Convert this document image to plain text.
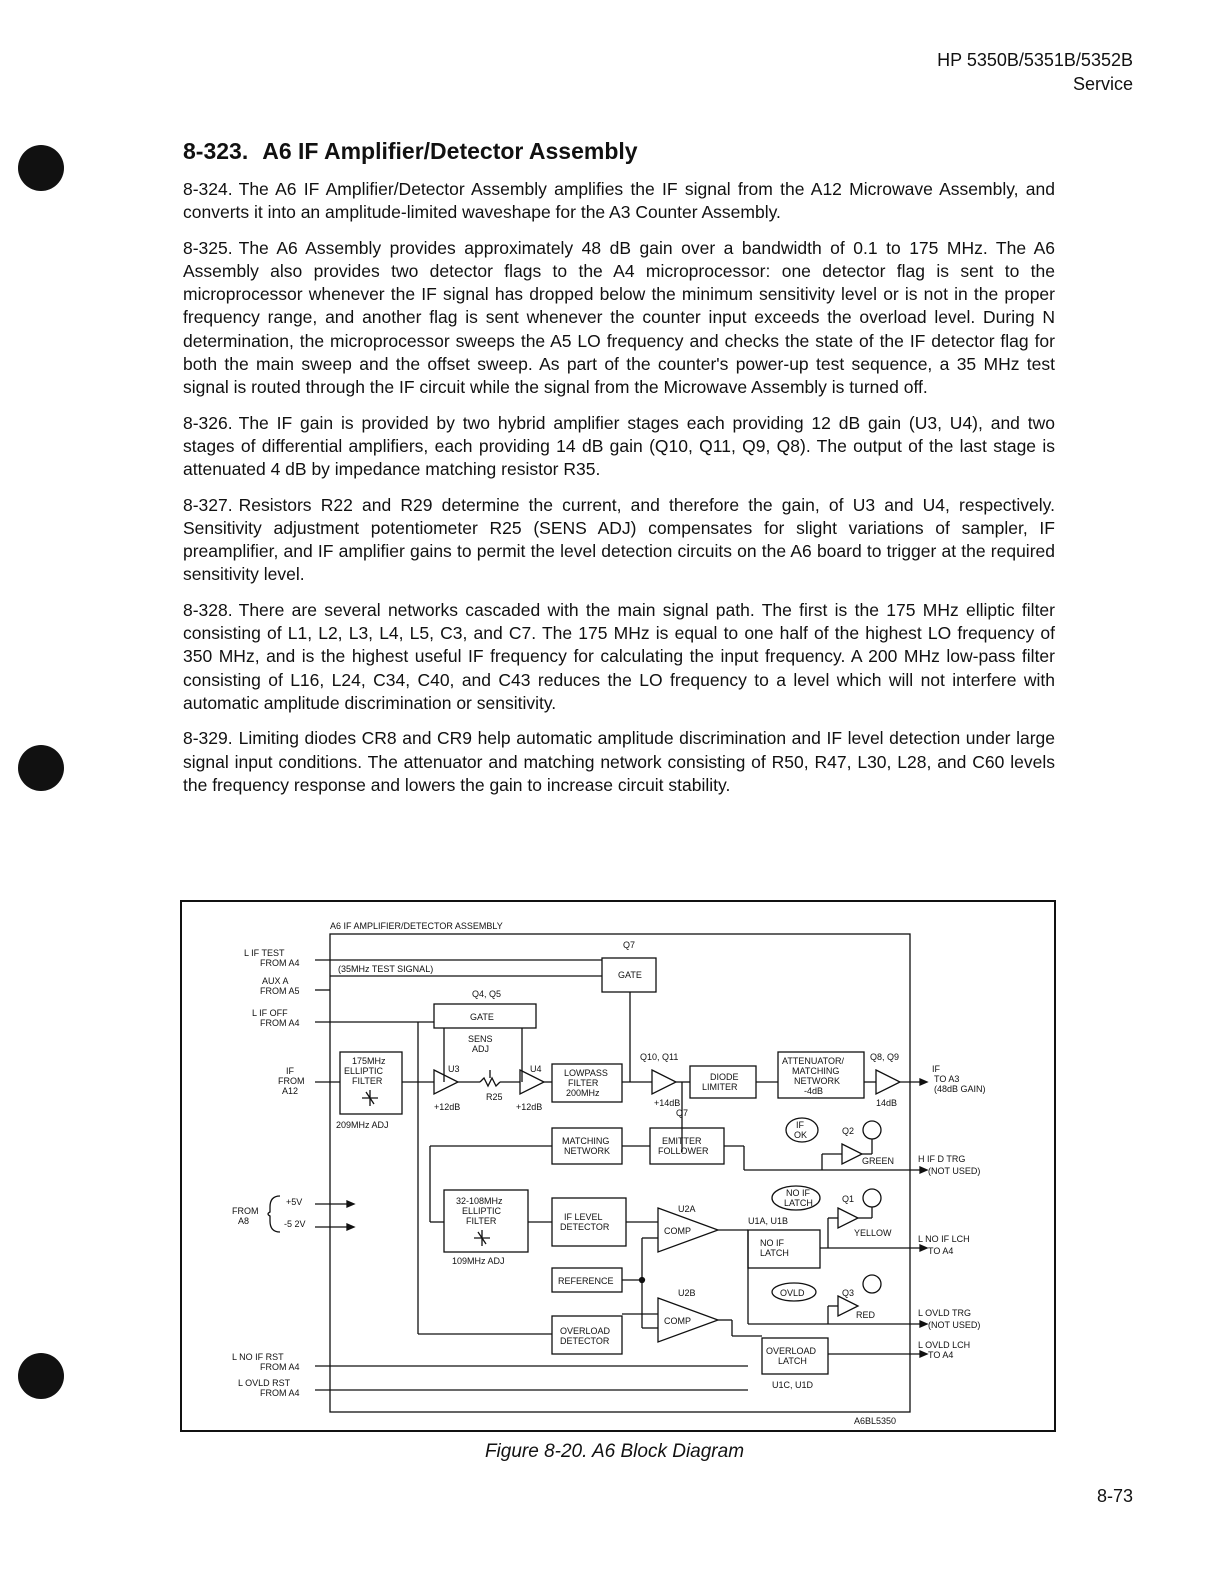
HP 5350B/5351B/5352B
Service
8-323. A6 IF Amplifier/Detector Assembly

8-324. The A6 IF Amplifier/Detector Assembly amplifies the IF signal from the A12 Microwave Assembly, and converts it into an amplitude-limited waveshape for the A3 Counter Assembly.

8-325. The A6 Assembly provides approximately 48 dB gain over a bandwidth of 0.1 to 175 MHz. The A6 Assembly also provides two detector flags to the A4 microprocessor: one detector flag is sent to the microprocessor whenever the IF signal has dropped below the minimum sensitivity level or is not in the proper frequency range, and another flag is sent whenever the counter input exceeds the overload level. During N determination, the microprocessor sweeps the A5 LO frequency and checks the state of the IF detector flag for both the main sweep and the offset sweep. As part of the counter's power-up test sequence, a 35 MHz test signal is routed through the IF circuit while the signal from the Microwave Assembly is turned off.

8-326. The IF gain is provided by two hybrid amplifier stages each providing 12 dB gain (U3, U4), and two stages of differential amplifiers, each providing 14 dB gain (Q10, Q11, Q9, Q8). The output of the last stage is attenuated 4 dB by impedance matching resistor R35.

8-327. Resistors R22 and R29 determine the current, and therefore the gain, of U3 and U4, respectively. Sensitivity adjustment potentiometer R25 (SENS ADJ) compensates for slight variations of sampler, IF preamplifier, and IF amplifier gains to permit the level detection circuits on the A6 board to trigger at the required sensitivity level.

8-328. There are several networks cascaded with the main signal path. The first is the 175 MHz elliptic filter consisting of L1, L2, L3, L4, L5, C3, and C7. The 175 MHz is equal to one half of the highest LO frequency of 350 MHz, and is the highest useful IF frequency for calculating the input frequency. A 200 MHz low-pass filter consisting of L16, L24, C34, C40, and C43 reduces the LO frequency to a level which will not interfere with automatic amplitude discrimination or sensitivity.

8-329. Limiting diodes CR8 and CR9 help automatic amplitude discrimination and IF level detection under large signal input conditions. The attenuator and matching network consisting of R50, R47, L30, L28, and C60 levels the frequency response and lowers the gain to increase circuit stability.

A6 IF AMPLIFIER/DETECTOR ASSEMBLY
A6BL5350
L IF TEST
FROM A4
AUX A
FROM A5
L IF OFF
FROM A4
IF
FROM
A12
FROM
A8
+5V
-5 2V
L NO IF RST
FROM A4
L OVLD RST
FROM A4
(35MHz TEST SIGNAL)
Q7
GATE
Q4, Q5
GATE
SENS
ADJ
175MHz
ELLIPTIC
FILTER
209MHz ADJ
U3
+12dB
R25
U4
+12dB
LOWPASS
FILTER
200MHz
Q10, Q11
+14dB
DIODE
LIMITER
ATTENUATOR/
MATCHING
NETWORK
-4dB
Q8, Q9
14dB
IF
TO A3
(48dB GAIN)
MATCHING
NETWORK
Q7
EMITTER
FOLLOWER
32-108MHz
ELLIPTIC
FILTER
109MHz ADJ
IF LEVEL
DETECTOR
REFERENCE
OVERLOAD
DETECTOR
U2A
COMP
U2B
COMP
IF
OK	Q2
GREEN	H IF D TRG
(NOT USED)
NO IF
LATCH	Q1
YELLOW
U1A, U1B
NO IF
LATCH
L NO IF LCH
TO A4
OVLD	Q3
RED	L OVLD TRG
(NOT USED)
OVERLOAD
LATCH
U1C, U1D
L OVLD LCH
TO A4
Figure 8-20. A6 Block Diagram
8-73
